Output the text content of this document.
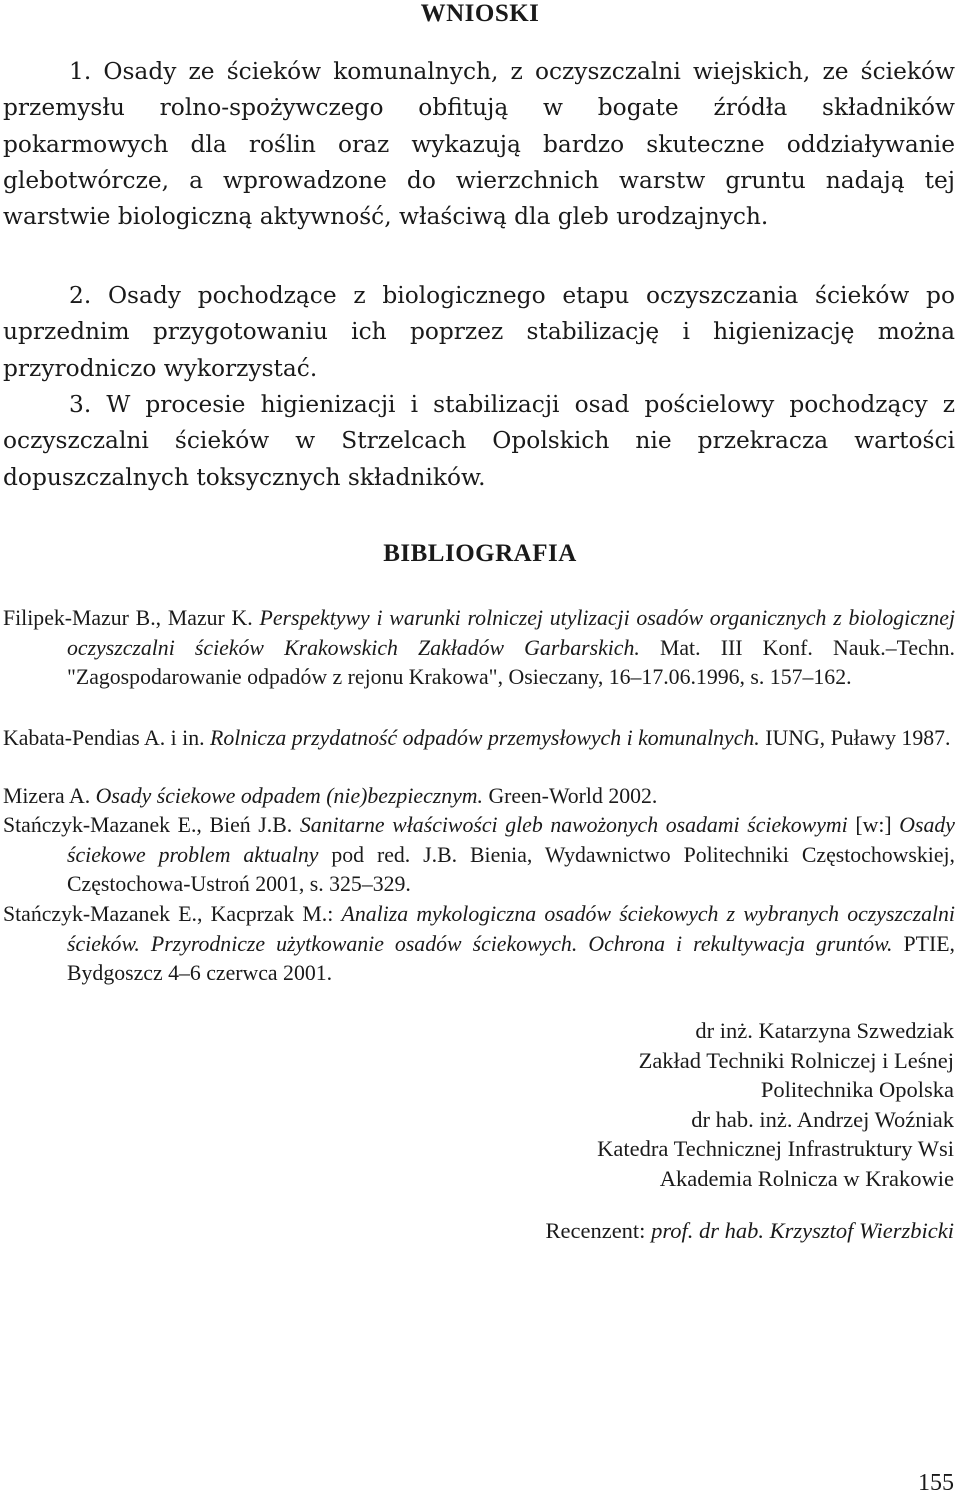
WNIOSKI

1. Osady ze ścieków komunalnych, z oczyszczalni wiejskich, ze ścieków przemysłu rolno-spożywczego obfitują w bogate źródła składników pokarmowych dla roślin oraz wykazują bardzo skuteczne oddziaływanie glebotwórcze, a wprowadzone do wierzchnich warstw gruntu nadają tej warstwie biologiczną aktywność, właściwą dla gleb urodzajnych.

2. Osady pochodzące z biologicznego etapu oczyszczania ścieków po uprzednim przygotowaniu ich poprzez stabilizację i higienizację można przyrodniczo wykorzystać.

3. W procesie higienizacji i stabilizacji osad pościelowy pochodzący z oczyszczalni ścieków w Strzelcach Opolskich nie przekracza wartości dopuszczalnych toksycznych składników.

BIBLIOGRAFIA

Filipek-Mazur B., Mazur K. Perspektywy i warunki rolniczej utylizacji osadów organicznych z biologicznej oczyszczalni ścieków Krakowskich Zakładów Garbarskich. Mat. III Konf. Nauk.–Techn. "Zagospodarowanie odpadów z rejonu Krakowa", Osieczany, 16–17.06.1996, s. 157–162.

Kabata-Pendias A. i in. Rolnicza przydatność odpadów przemysłowych i komunalnych. IUNG, Puławy 1987.

Mizera A. Osady ściekowe odpadem (nie)bezpiecznym. Green-World 2002.

Stańczyk-Mazanek E., Bień J.B. Sanitarne właściwości gleb nawożonych osadami ściekowymi [w:] Osady ściekowe problem aktualny pod red. J.B. Bienia, Wydawnictwo Politechniki Częstochowskiej, Częstochowa-Ustroń 2001, s. 325–329.

Stańczyk-Mazanek E., Kacprzak M.: Analiza mykologiczna osadów ściekowych z wybranych oczyszczalni ścieków. Przyrodnicze użytkowanie osadów ściekowych. Ochrona i rekultywacja gruntów. PTIE, Bydgoszcz 4–6 czerwca 2001.

dr inż. Katarzyna Szwedziak
Zakład Techniki Rolniczej i Leśnej
Politechnika Opolska
dr hab. inż. Andrzej Woźniak
Katedra Technicznej Infrastruktury Wsi
Akademia Rolnicza w Krakowie
Recenzent: prof. dr hab. Krzysztof Wierzbicki
155
